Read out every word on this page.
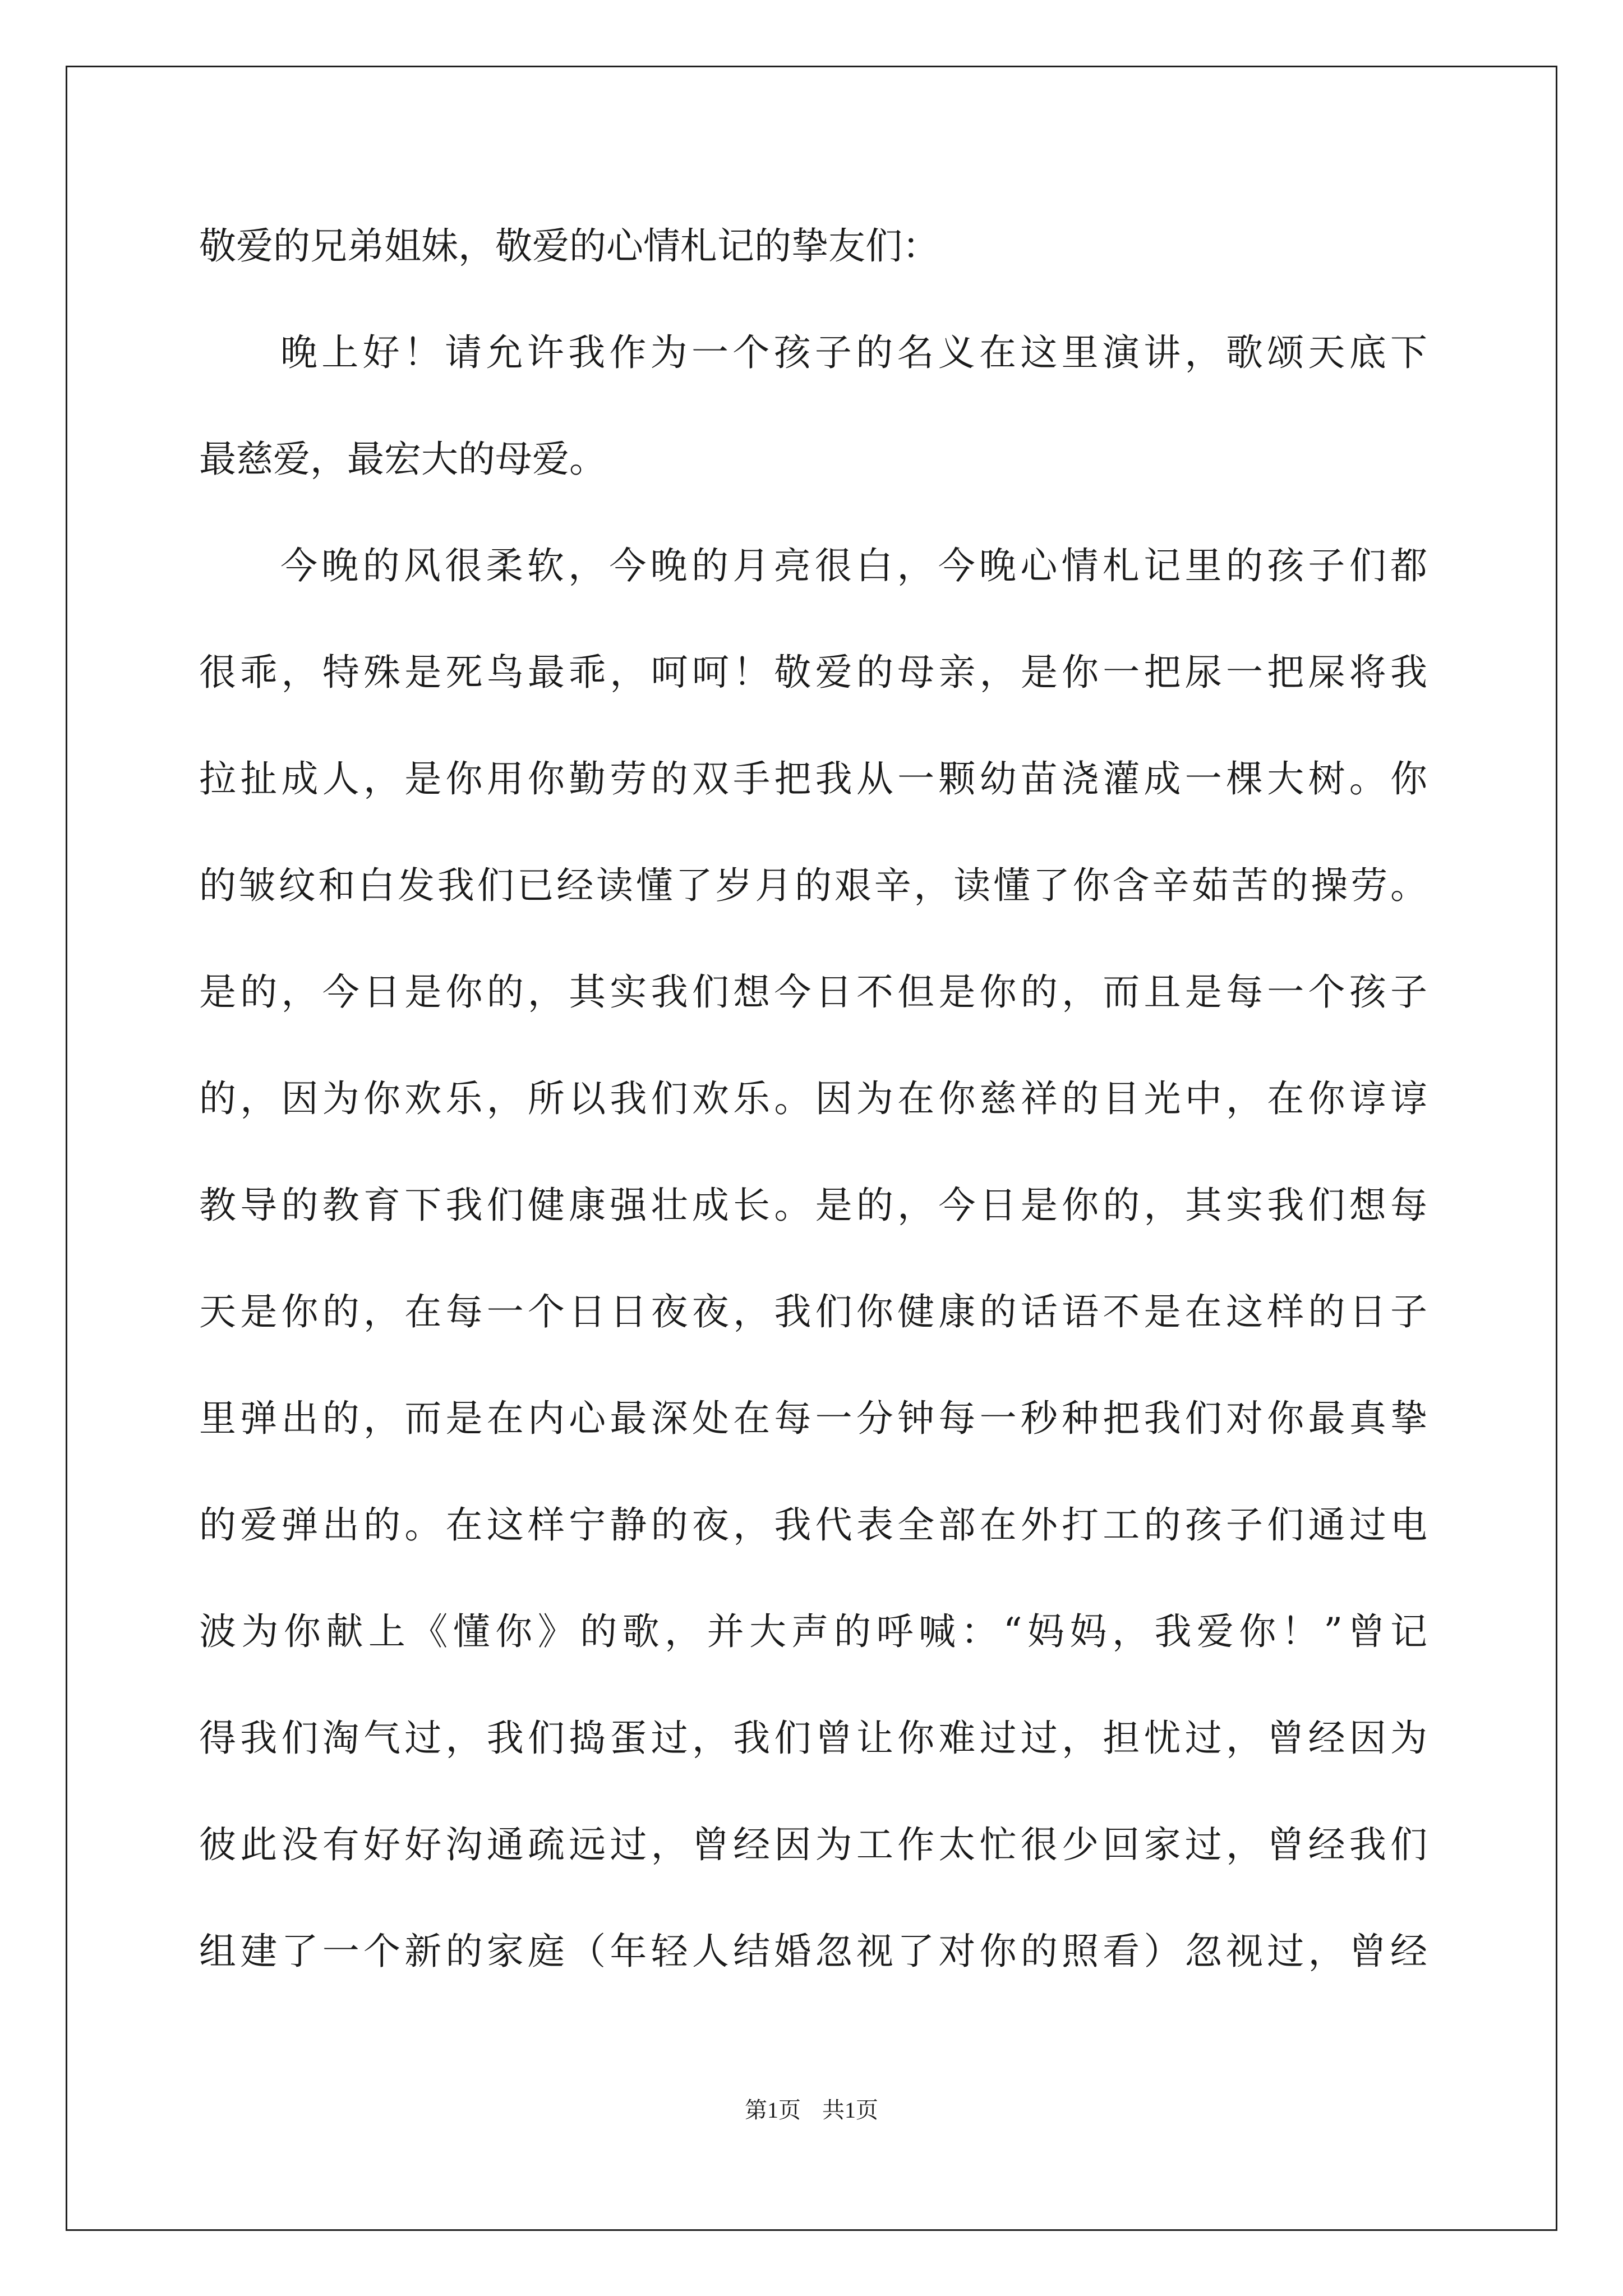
敬爱的兄弟姐妹，敬爱的心情札记的挚友们：
晚上好！请允许我作为一个孩子的名义在这里演讲，歌颂天底下
最慈爱，最宏大的母爱。
今晚的风很柔软，今晚的月亮很白，今晚心情札记里的孩子们都
很乖，特殊是死鸟最乖，呵呵！敬爱的母亲，是你一把尿一把屎将我
拉扯成人，是你用你勤劳的双手把我从一颗幼苗浇灌成一棵大树。你
的皱纹和白发我们已经读懂了岁月的艰辛，读懂了你含辛茹苦的操劳。
是的，今日是你的，其实我们想今日不但是你的，而且是每一个孩子
的，因为你欢乐，所以我们欢乐。因为在你慈祥的目光中，在你谆谆
教导的教育下我们健康强壮成长。是的，今日是你的，其实我们想每
天是你的，在每一个日日夜夜，我们你健康的话语不是在这样的日子
里弹出的，而是在内心最深处在每一分钟每一秒种把我们对你最真挚
的爱弹出的。在这样宁静的夜，我代表全部在外打工的孩子们通过电
波为你献上《懂你》的歌，并大声的呼喊：“妈妈，我爱你！”曾记
得我们淘气过，我们捣蛋过，我们曾让你难过过，担忧过，曾经因为
彼此没有好好沟通疏远过，曾经因为工作太忙很少回家过，曾经我们
组建了一个新的家庭（年轻人结婚忽视了对你的照看）忽视过，曾经
第1页 共1页
